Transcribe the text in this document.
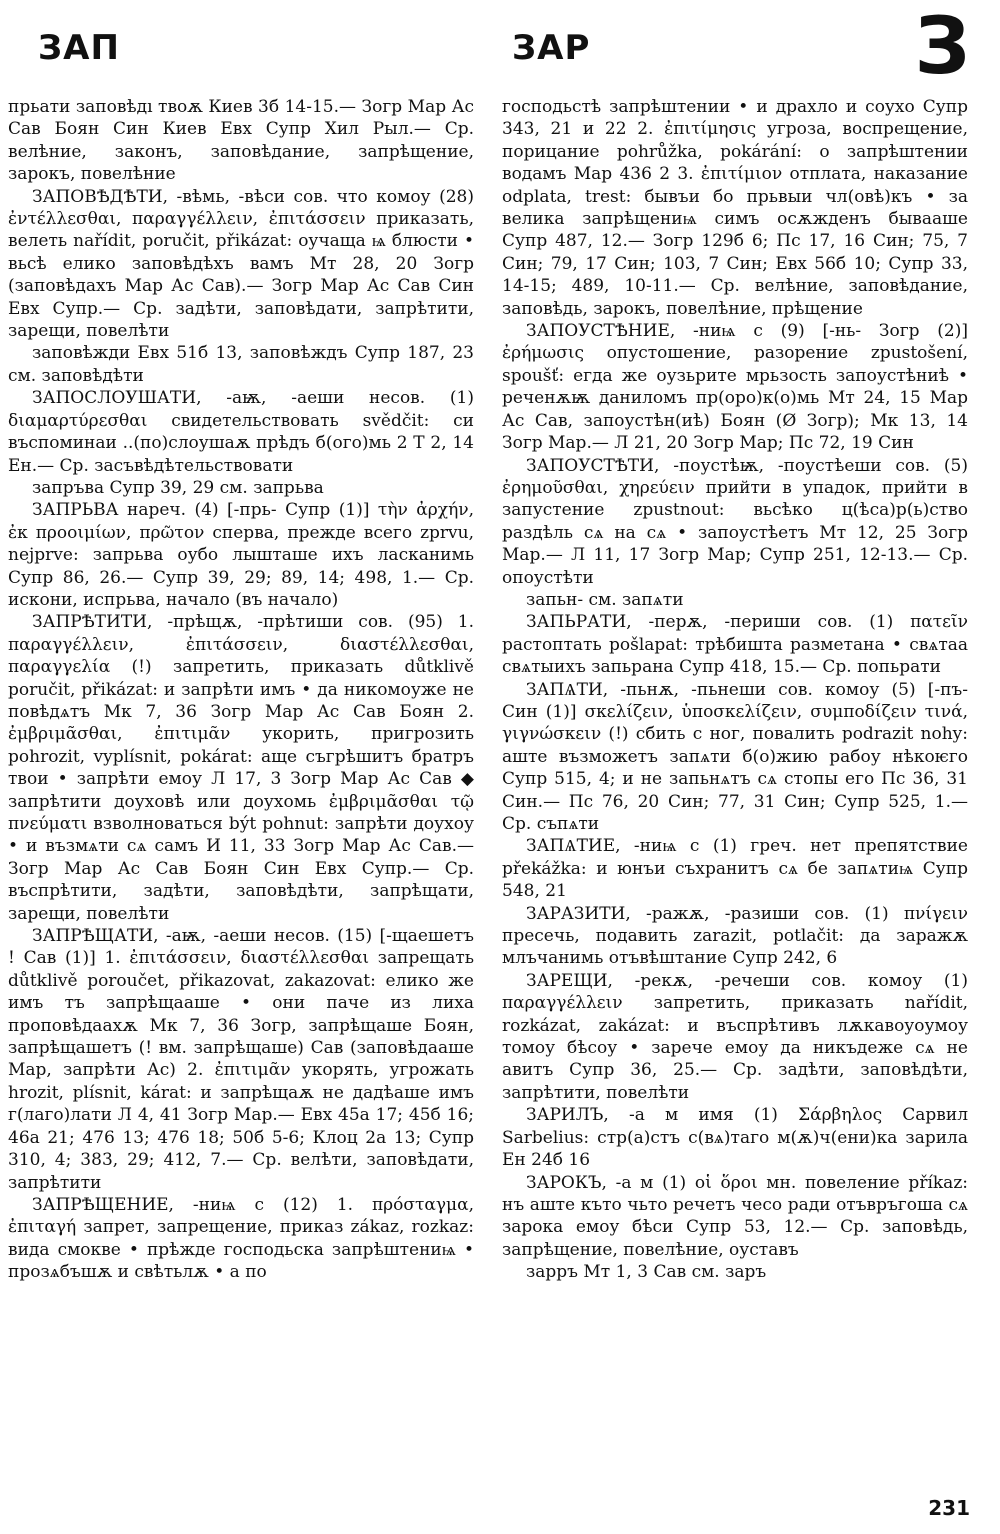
ЗАП	ЗАР	З

прьати заповѣдı твоѫ Киев 3б 14-15.— Зогр Мар Ас Сав Боян Син Киев Евх Супр Хил Рыл.— Ср. велѣние, законъ, заповѣдание, запрѣщение, зарокъ, повелѣние

ЗАПОВѢДѢТИ, -вѣмь, -вѣси сов. что комоу (28) ἐντέλλεσθαι, παραγγέλλειν, ἐπιτάσσειν приказать, велеть nařídit, poručit, přikázat: оучаща ѩ блюсти • вьсѣ елико заповѣдѣхъ вамъ Мт 28, 20 Зогр (заповѣдахъ Мар Ас Сав).— Зогр Мар Ас Сав Син Евх Супр.— Ср. задѣти, заповѣдати, запрѣтити, зарещи, повелѣти

заповѣжди Евх 51б 13, заповѣждъ Супр 187, 23 см. заповѣдѣти

ЗАПОСЛОУШАТИ, -аѭ, -аеши несов. (1) διαμαρτύρεσθαι свидетельствовать svědčit: си въспоминаи ..(по)слоушаѫ прѣдъ б(ого)мь 2 Т 2, 14 Ен.— Ср. засъвѣдѣтельствовати

запръва Супр 39, 29 см. запрьва

ЗАПРЬВА нареч. (4) [-прь- Супр (1)] τὴν ἀρχήν, ἐκ προοιμίων, πρῶτον сперва, прежде всего zprvu, nejprve: запрьва оубо лышташе ихъ ласканимь Супр 86, 26.— Супр 39, 29; 89, 14; 498, 1.— Ср. искони, испрьва, начало (въ начало)

ЗАПРѢТИТИ, -прѣщѫ, -прѣтиши сов. (95) 1. παραγγέλλειν, ἐπιτάσσειν, διαστέλλεσθαι, παραγγελία (!) запретить, приказать důtklivě poručit, přikázat: и запрѣти имъ • да никомоуже не повѣдѧтъ Мк 7, 36 Зогр Мар Ас Сав Боян 2. ἐμβριμᾶσθαι, ἐπιτιμᾶν укорить, пригрозить pohrozit, vyplísnit, pokárat: аще съгрѣшитъ братръ твои • запрѣти емоу Л 17, 3 Зогр Мар Ас Сав ◆ запрѣтити доуховѣ или доухомь ἐμβριμᾶσθαι τῷ πνεύματι взволноваться být pohnut: запрѣти доухоу • и възмѧти сѧ самъ И 11, 33 Зогр Мар Ас Сав.— Зогр Мар Ас Сав Боян Син Евх Супр.— Ср. въспрѣтити, задѣти, заповѣдѣти, запрѣщати, зарещи, повелѣти

ЗАПРѢЩАТИ, -аѭ, -аеши несов. (15) [-щаешетъ ! Сав (1)] 1. ἐπιτάσσειν, διαστέλλεσθαι запрещать důtklivě poroučet, přikazovat, zakazovat: елико же имъ тъ запрѣщааше • они паче из лиха проповѣдаахѫ Мк 7, 36 Зогр, запрѣщаше Боян, запрѣщашетъ (! вм. запрѣщаше) Сав (заповѣдааше Мар, запрѣти Ас) 2. ἐπιτιμᾶν укорять, угрожать hrozit, plísnit, kárat: и запрѣщаѫ не дадѣаше имъ г(лаго)лати Л 4, 41 Зогр Мар.— Евх 45а 17; 45б 16; 46а 21; 476 13; 476 18; 50б 5-6; Клоц 2а 13; Супр 310, 4; 383, 29; 412, 7.— Ср. велѣти, заповѣдати, запрѣтити

ЗАПРѢЩЕНИЕ, -ниѩ с (12) 1. πρόσταγμα, ἐπιταγή запрет, запрещение, приказ zákaz, rozkaz: вида смокве • прѣжде господьска запрѣштениѩ • прозѧбъшѫ и свѣтьлѫ • а по

господьстѣ запрѣштении • и драхло и соухо Супр 343, 21 и 22 2. ἐπιτίμησις угроза, воспрещение, порицание pohrůžka, pokárání: о запрѣштении водамъ Мар 436 2 3. ἐπιτίμιον отплата, наказание odplata, trest: бывъи бо прьвыи чл(овѣ)къ • за велика запрѣщениѩ симъ осѫжденъ бывааше Супр 487, 12.— Зогр 129б 6; Пс 17, 16 Син; 75, 7 Син; 79, 17 Син; 103, 7 Син; Евх 56б 10; Супр 33, 14-15; 489, 10-11.— Ср. велѣние, заповѣдание, заповѣдь, зарокъ, повелѣние, прѣщение

ЗАПОУСТѢНИЕ, -ниѩ с (9) [-нь- Зогр (2)] ἐρήμωσις опустошение, разорение zpustošení, spoušť: егда же оузьрите мрьзость запоустѣниѣ • реченѫѭ даниломъ пр(оро)к(о)мь Мт 24, 15 Мар Ас Сав, запоустѣн(иѣ) Боян (Ø Зогр); Мк 13, 14 Зогр Мар.— Л 21, 20 Зогр Мар; Пс 72, 19 Син

ЗАПОУСТѢТИ, -поустѣѭ, -поустѣеши сов. (5) ἐρημοῦσθαι, χηρεύειν прийти в упадок, прийти в запустение zpustnout: вьсѣко ц(ѣса)р(ь)ство раздѣль сѧ на сѧ • запоустѣетъ Мт 12, 25 Зогр Мар.— Л 11, 17 Зогр Мар; Супр 251, 12-13.— Ср. опоустѣти

запьн- см. запѧти

ЗАПЬРАТИ, -перѫ, -периши сов. (1) πατεῖν растоптать pošlapat: трѣбиштa разметана • свѧтаа свѧтыихъ запьрана Супр 418, 15.— Ср. попьрати

ЗАПѦТИ, -пьнѫ, -пьнеши сов. комоу (5) [-пъ- Син (1)] σκελίζειν, ὑποσκελίζειν, συμποδίζειν τινά, γιγνώσκειν (!) сбить с ног, повалить podrazit nohy: аште възможетъ запѧти б(о)жию рабоу нѣкоѥго Супр 515, 4; и не запьнѧтъ сѧ стопы его Пс 36, 31 Син.— Пс 76, 20 Син; 77, 31 Син; Супр 525, 1.— Ср. съпѧти

ЗАПѦТИЕ, -ниѩ с (1) греч. нет препятствие překážka: и юнъи съхранитъ сѧ бе запѧтиѩ Супр 548, 21

ЗАРАЗИТИ, -ражѫ, -разиши сов. (1) πνίγειν пресечь, подавить zarazit, potlačit: да заражѫ млъчанимь отъвѣштание Супр 242, 6

ЗАРЕЩИ, -рекѫ, -речеши сов. комоу (1) παραγγέλλειν запретить, приказать nařídit, rozkázat, zakázat: и въспрѣтивъ лѫкавоуоумоу томоу бѣсоу • зарече емоу да никъдеже сѧ не авитъ Супр 36, 25.— Ср. задѣти, заповѣдѣти, запрѣтити, повелѣти

ЗАРИЛЪ, -а м имя (1) Σάρβηλος Сарвил Sarbelius: стр(а)стъ с(вѧ)таго м(ѫ)ч(ени)ка зарила Ен 24б 16

ЗАРОКЪ, -а м (1) οἱ ὅροι мн. повеление příkaz: нъ аште къто чьто речетъ чесо ради отъвръгоша сѧ зарока емоу бѣси Супр 53, 12.— Ср. заповѣдь, запрѣщение, повелѣние, оуставъ

зарръ Мт 1, 3 Сав см. заръ

231
